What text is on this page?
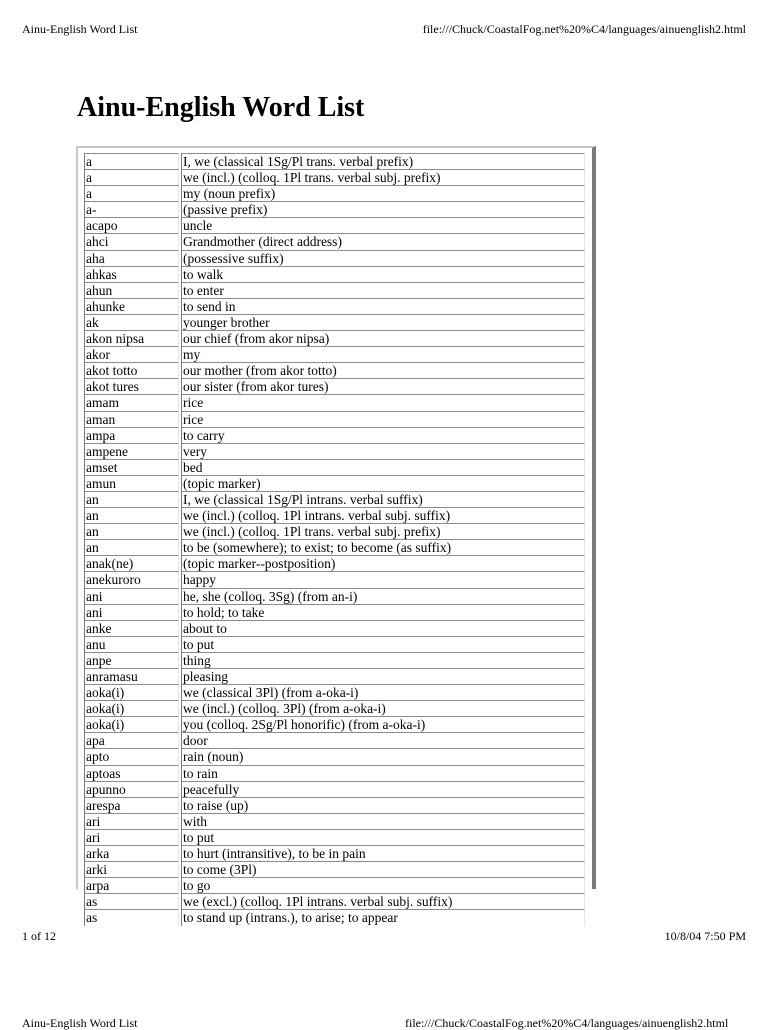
Ainu-English Word List	file:///Chuck/CoastalFog.net%20%C4/languages/ainuenglish2.html
Ainu-English Word List
a	I, we (classical 1Sg/Pl trans. verbal prefix)
a	we (incl.) (colloq. 1Pl trans. verbal subj. prefix)
a	my (noun prefix)
a-	(passive prefix)
acapo	uncle
ahci	Grandmother (direct address)
aha	(possessive suffix)
ahkas	to walk
ahun	to enter
ahunke	to send in
ak	younger brother
akon nipsa	our chief (from akor nipsa)
akor	my
akot totto	our mother (from akor totto)
akot tures	our sister (from akor tures)
amam	rice
aman	rice
ampa	to carry
ampene	very
amset	bed
amun	(topic marker)
an	I, we (classical 1Sg/Pl intrans. verbal suffix)
an	we (incl.) (colloq. 1Pl intrans. verbal subj. suffix)
an	we (incl.) (colloq. 1Pl trans. verbal subj. prefix)
an	to be (somewhere); to exist; to become (as suffix)
anak(ne)	(topic marker--postposition)
anekuroro	happy
ani	he, she (colloq. 3Sg) (from an-i)
ani	to hold; to take
anke	about to
anu	to put
anpe	thing
anramasu	pleasing
aoka(i)	we (classical 3Pl) (from a-oka-i)
aoka(i)	we (incl.) (colloq. 3Pl) (from a-oka-i)
aoka(i)	you (colloq. 2Sg/Pl honorific) (from a-oka-i)
apa	door
apto	rain (noun)
aptoas	to rain
apunno	peacefully
arespa	to raise (up)
ari	with
ari	to put
arka	to hurt (intransitive), to be in pain
arki	to come (3Pl)
arpa	to go
as	we (excl.) (colloq. 1Pl intrans. verbal subj. suffix)
as	to stand up (intrans.), to arise; to appear
1 of 12	10/8/04 7:50 PM
Ainu-English Word List	file:///Chuck/CoastalFog.net%20%C4/languages/ainuenglish2.html
